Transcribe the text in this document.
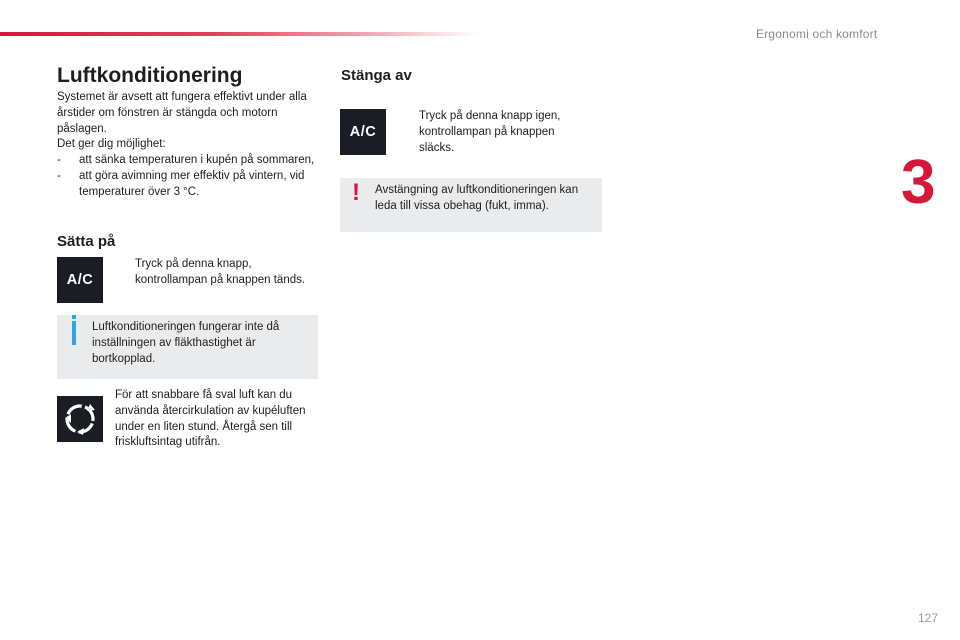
Ergonomi och komfort
3
Luftkonditionering

Systemet är avsett att fungera effektivt under alla årstider om fönstren är stängda och motorn påslagen.

Det ger dig möjlighet:

-	att sänka temperaturen i kupén på sommaren,
-	att göra avimning mer effektiv på vintern, vid temperaturer över 3 °C.
Sätta på
A/C
Tryck på denna knapp, kontrollampan på knappen tänds.
Luftkonditioneringen fungerar inte då inställningen av fläkthastighet är bortkopplad.
För att snabbare få sval luft kan du använda återcirkulation av kupéluften under en liten stund. Återgå sen till friskluftsintag utifrån.
Stänga av
A/C
Tryck på denna knapp igen, kontrollampan på knappen släcks.
!	Avstängning av luftkonditioneringen kan leda till vissa obehag (fukt, imma).
127
